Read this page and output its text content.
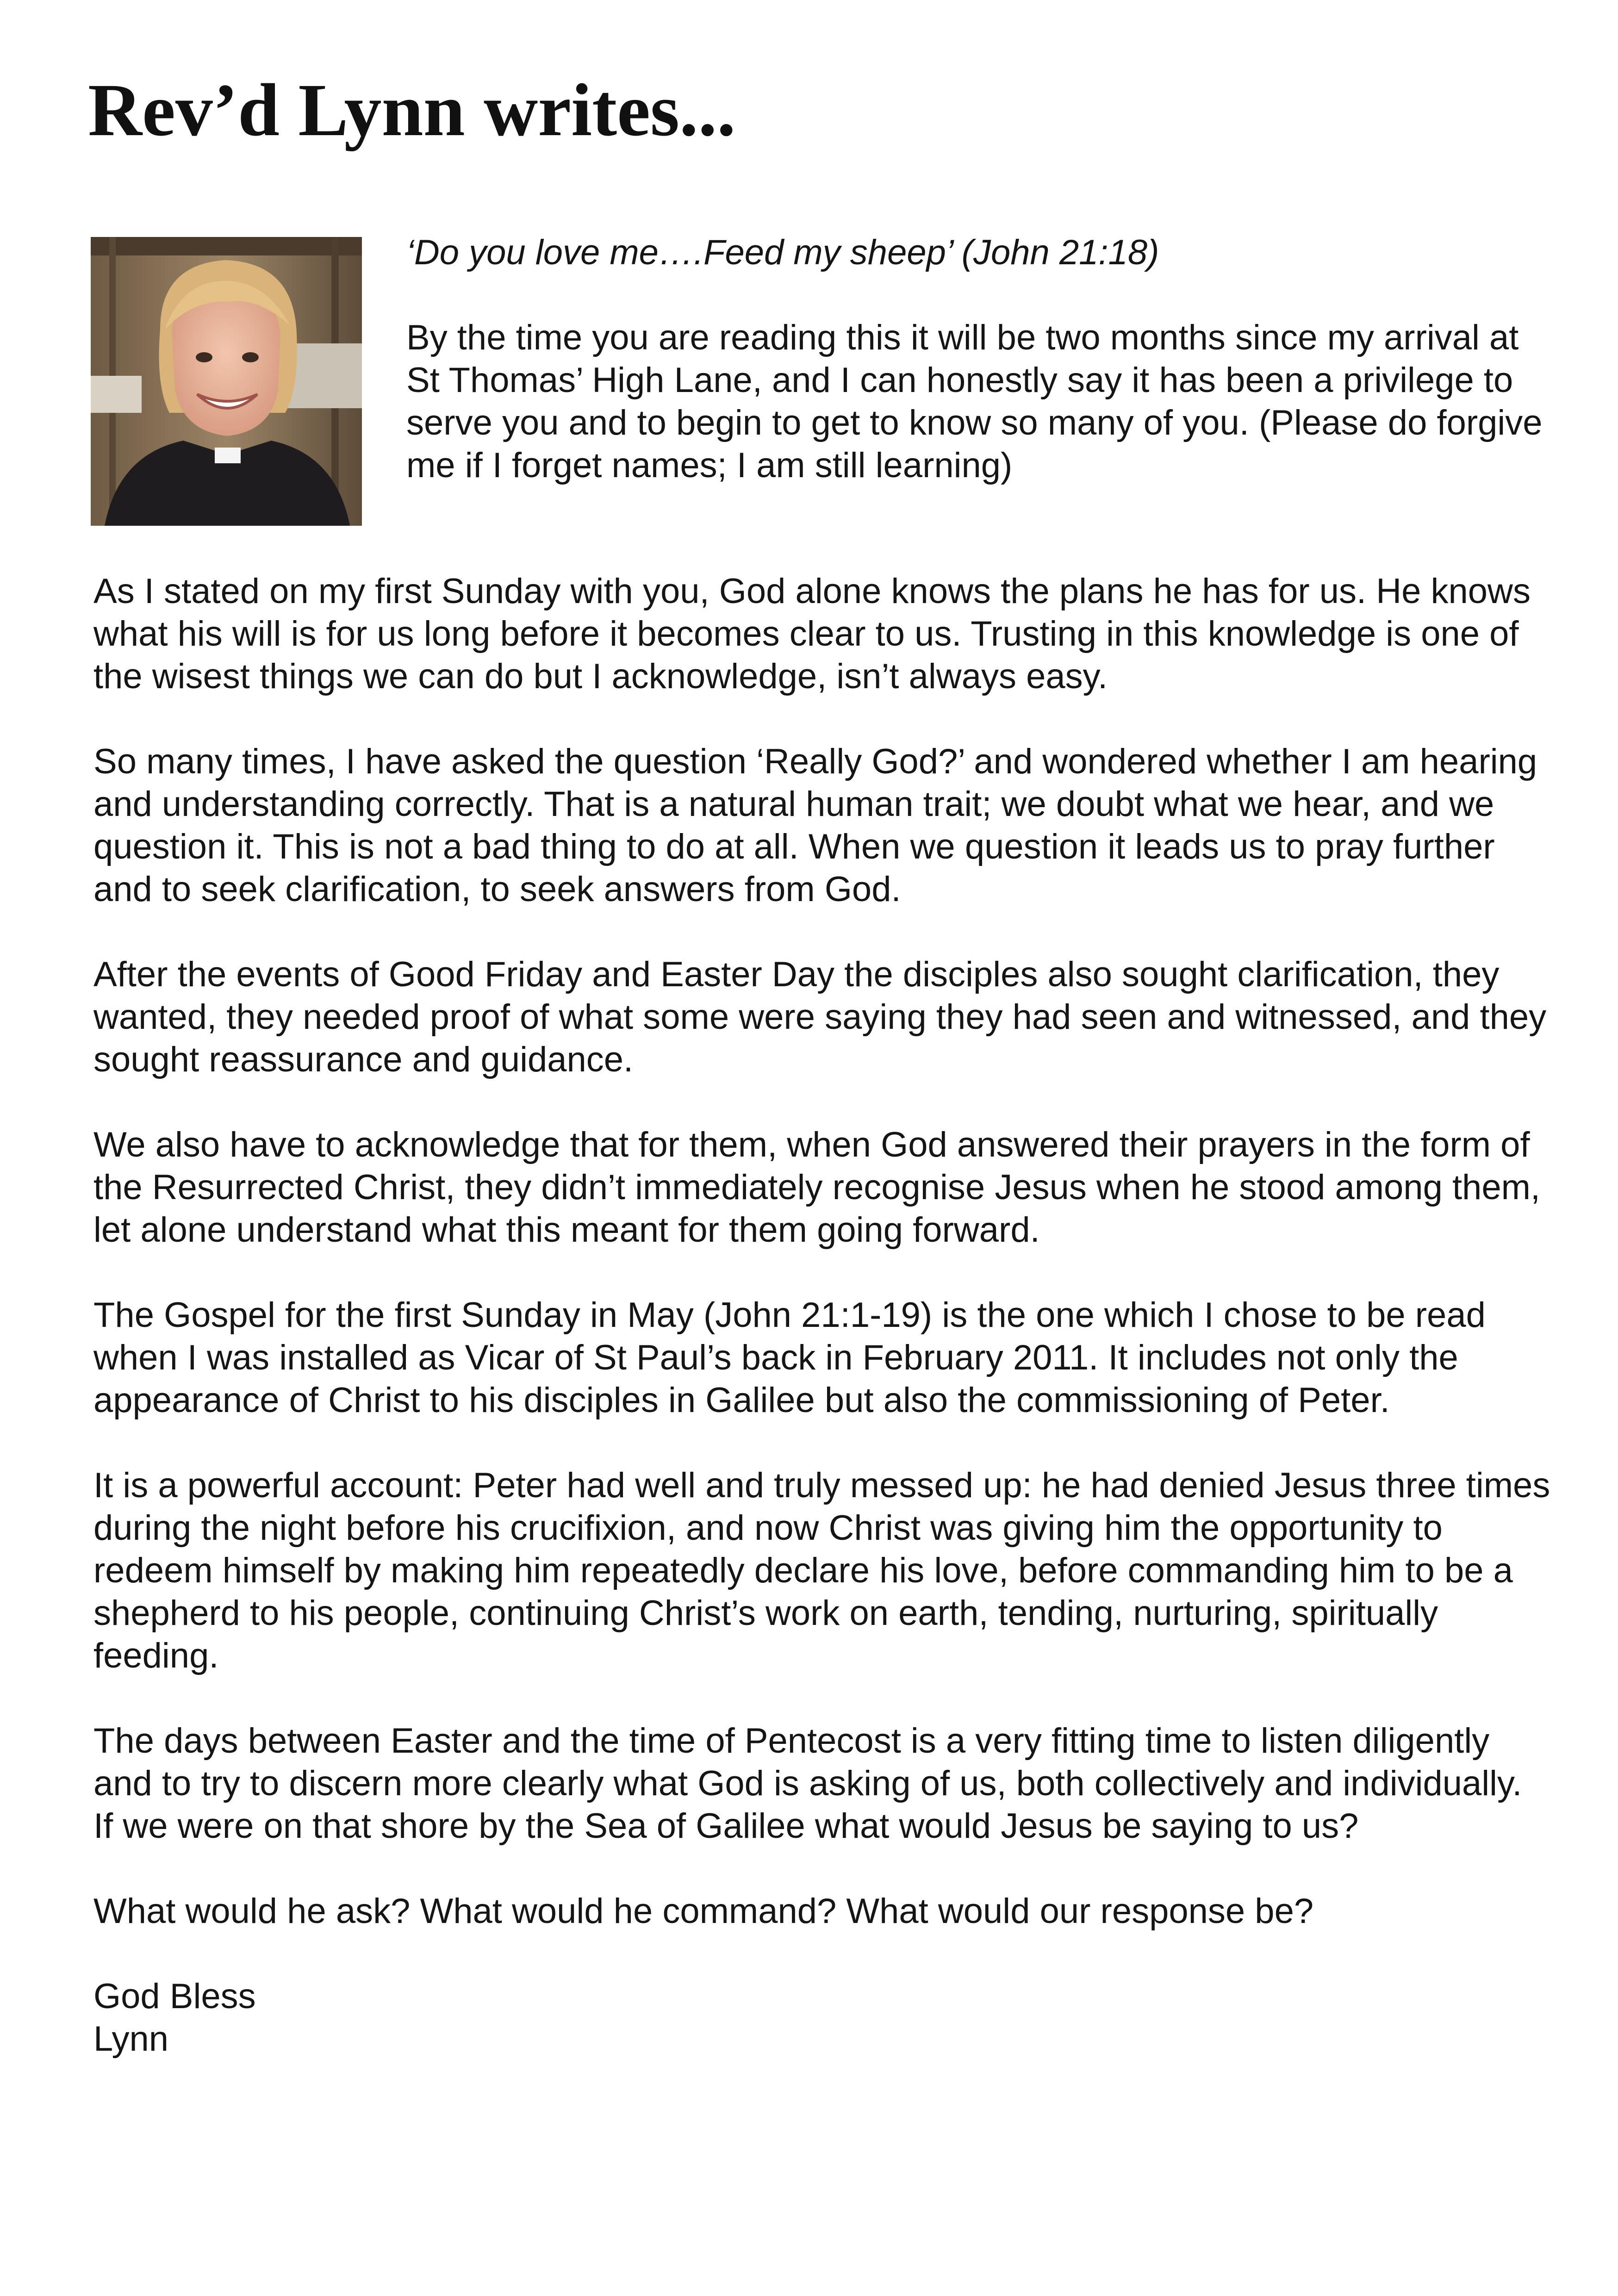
Rev’d Lynn writes...

‘Do you love me….Feed my sheep’ (John 21:18)

By the time you are reading this it will be two months since my arrival at St Thomas’ High Lane, and I can honestly say it has been a privilege to serve you and to begin to get to know so many of you. (Please do forgive me if I forget names; I am still learning)

As I stated on my first Sunday with you, God alone knows the plans he has for us. He knows what his will is for us long before it becomes clear to us. Trusting in this knowledge is one of the wisest things we can do but I acknowledge, isn’t always easy.

So many times, I have asked the question ‘Really God?’ and wondered whether I am hearing and understanding correctly. That is a natural human trait; we doubt what we hear, and we question it. This is not a bad thing to do at all. When we question it leads us to pray further and to seek clarification, to seek answers from God.

After the events of Good Friday and Easter Day the disciples also sought clarification, they wanted, they needed proof of what some were saying they had seen and witnessed, and they sought reassurance and guidance.

We also have to acknowledge that for them, when God answered their prayers in the form of the Resurrected Christ, they didn’t immediately recognise Jesus when he stood among them, let alone understand what this meant for them going forward.

The Gospel for the first Sunday in May (John 21:1-19) is the one which I chose to be read when I was installed as Vicar of St Paul’s back in February 2011. It includes not only the appearance of Christ to his disciples in Galilee but also the commissioning of Peter.

It is a powerful account: Peter had well and truly messed up: he had denied Jesus three times during the night before his crucifixion, and now Christ was giving him the opportunity to redeem himself by making him repeatedly declare his love, before commanding him to be a shepherd to his people, continuing Christ’s work on earth, tending, nurturing, spiritually feeding.

The days between Easter and the time of Pentecost is a very fitting time to listen diligently and to try to discern more clearly what God is asking of us, both collectively and individually.  If we were on that shore by the Sea of Galilee what would Jesus be saying to us?

What would he ask? What would he command? What would our response be?

God Bless
Lynn
